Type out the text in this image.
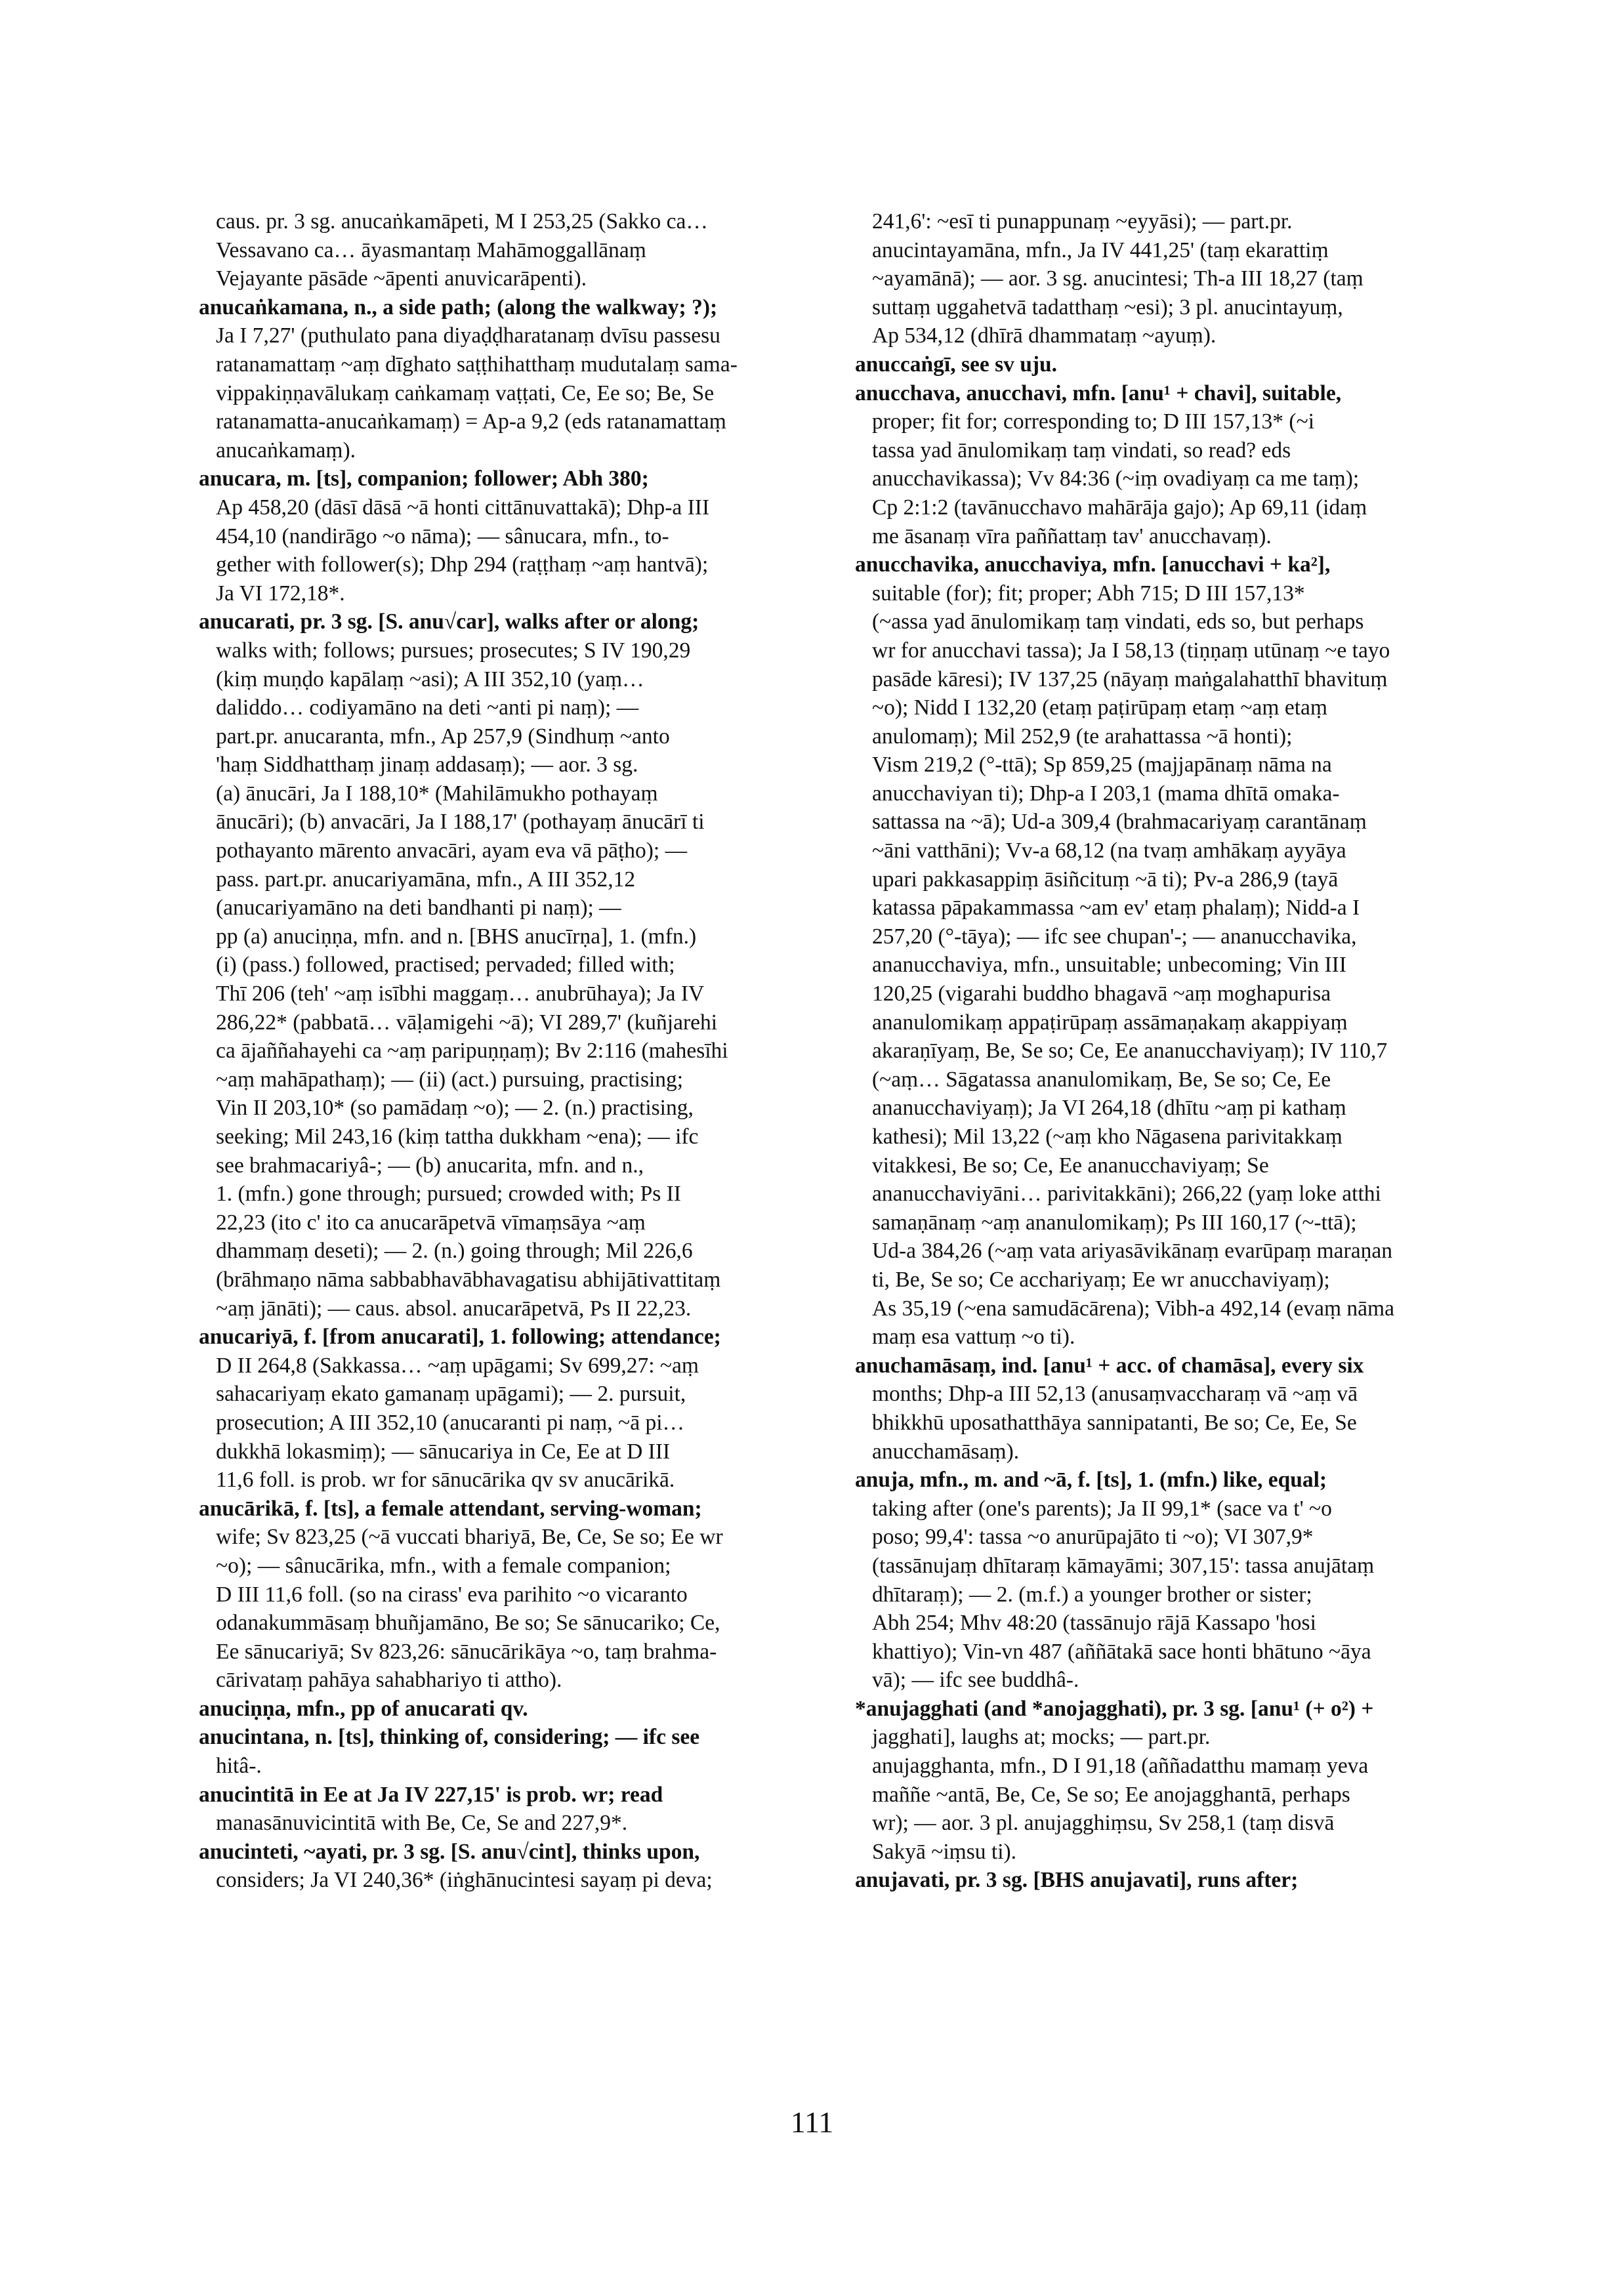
caus. pr. 3 sg. anucaṅkamāpeti, M I 253,25 (Sakko ca…
Vessavano ca… āyasmantaṃ Mahāmoggallānaṃ
Vejayante pāsāde ~āpenti anuvicarāpenti).
anucaṅkamana, n., a side path; (along the walkway; ?);
Ja I 7,27' (puthulato pana diyaḍḍharatanaṃ dvīsu passesu
ratanamattaṃ ~aṃ dīghato saṭṭhihatthaṃ mudutalaṃ sama-
vippakiṇṇavālukaṃ caṅkamaṃ vaṭṭati, Ce, Ee so; Be, Se
ratanamatta-anucaṅkamaṃ) = Ap-a 9,2 (eds ratanamattaṃ
anucaṅkamaṃ).
anucara, m. [ts], companion; follower; Abh 380;
Ap 458,20 (dāsī dāsā ~ā honti cittānuvattakā); Dhp-a III
454,10 (nandirāgo ~o nāma); — sânucara, mfn., to-
gether with follower(s); Dhp 294 (raṭṭhaṃ ~aṃ hantvā);
Ja VI 172,18*.
anucarati, pr. 3 sg. [S. anu√car], walks after or along;
walks with; follows; pursues; prosecutes; S IV 190,29
(kiṃ muṇḍo kapālaṃ ~asi); A III 352,10 (yaṃ…
daliddo… codiyamāno na deti ~anti pi naṃ); —
part.pr. anucaranta, mfn., Ap 257,9 (Sindhuṃ ~anto
'haṃ Siddhatthaṃ jinaṃ addasaṃ); — aor. 3 sg.
(a) ānucāri, Ja I 188,10* (Mahilāmukho pothayaṃ
ānucāri); (b) anvacāri, Ja I 188,17' (pothayaṃ ānucārī ti
pothayanto mārento anvacāri, ayam eva vā pāṭho); —
pass. part.pr. anucariyamāna, mfn., A III 352,12
(anucariyamāno na deti bandhanti pi naṃ); —
pp (a) anuciṇṇa, mfn. and n. [BHS anucīrṇa], 1. (mfn.)
(i) (pass.) followed, practised; pervaded; filled with;
Thī 206 (teh' ~aṃ isībhi maggaṃ… anubrūhaya); Ja IV
286,22* (pabbatā… vāḷamigehi ~ā); VI 289,7' (kuñjarehi
ca ājaññahayehi ca ~aṃ paripuṇṇaṃ); Bv 2:116 (mahesīhi
~aṃ mahāpathaṃ); — (ii) (act.) pursuing, practising;
Vin II 203,10* (so pamādaṃ ~o); — 2. (n.) practising,
seeking; Mil 243,16 (kiṃ tattha dukkham ~ena); — ifc
see brahmacariyâ-; — (b) anucarita, mfn. and n.,
1. (mfn.) gone through; pursued; crowded with; Ps II
22,23 (ito c' ito ca anucarāpetvā vīmaṃsāya ~aṃ
dhammaṃ deseti); — 2. (n.) going through; Mil 226,6
(brāhmaṇo nāma sabbabhavābhavagatisu abhijātivattitaṃ
~aṃ jānāti); — caus. absol. anucarāpetvā, Ps II 22,23.
anucariyā, f. [from anucarati], 1. following; attendance;
D II 264,8 (Sakkassa… ~aṃ upāgami; Sv 699,27: ~aṃ
sahacariyaṃ ekato gamanaṃ upāgami); — 2. pursuit,
prosecution; A III 352,10 (anucaranti pi naṃ, ~ā pi…
dukkhā lokasmiṃ); — sānucariya in Ce, Ee at D III
11,6 foll. is prob. wr for sānucārika qv sv anucārikā.
anucārikā, f. [ts], a female attendant, serving-woman;
wife; Sv 823,25 (~ā vuccati bhariyā, Be, Ce, Se so; Ee wr
~o); — sânucārika, mfn., with a female companion;
D III 11,6 foll. (so na cirass' eva parihito ~o vicaranto
odanakummāsaṃ bhuñjamāno, Be so; Se sānucariko; Ce,
Ee sānucariyā; Sv 823,26: sānucārikāya ~o, taṃ brahma-
cārivataṃ pahāya sahabhariyo ti attho).
anuciṇṇa, mfn., pp of anucarati qv.
anucintana, n. [ts], thinking of, considering; — ifc see
hitâ-.
anucintitā in Ee at Ja IV 227,15' is prob. wr; read
manasānuvicintitā with Be, Ce, Se and 227,9*.
anucinteti, ~ayati, pr. 3 sg. [S. anu√cint], thinks upon,
considers; Ja VI 240,36* (iṅghānucintesi sayaṃ pi deva;
241,6': ~esī ti punappunaṃ ~eyyāsi); — part.pr.
anucintayamāna, mfn., Ja IV 441,25' (taṃ ekarattiṃ
~ayamānā); — aor. 3 sg. anucintesi; Th-a III 18,27 (taṃ
suttaṃ uggahetvā tadatthaṃ ~esi); 3 pl. anucintayuṃ,
Ap 534,12 (dhīrā dhammataṃ ~ayuṃ).
anuccaṅgī, see sv uju.
anucchava, anucchavi, mfn. [anu¹ + chavi], suitable,
proper; fit for; corresponding to; D III 157,13* (~i
tassa yad ānulomikaṃ taṃ vindati, so read? eds
anucchavikassa); Vv 84:36 (~iṃ ovadiyaṃ ca me taṃ);
Cp 2:1:2 (tavānucchavo mahārāja gajo); Ap 69,11 (idaṃ
me āsanaṃ vīra paññattaṃ tav' anucchavaṃ).
anucchavika, anucchaviya, mfn. [anucchavi + ka²],
suitable (for); fit; proper; Abh 715; D III 157,13*
(~assa yad ānulomikaṃ taṃ vindati, eds so, but perhaps
wr for anucchavi tassa); Ja I 58,13 (tiṇṇaṃ utūnaṃ ~e tayo
pasāde kāresi); IV 137,25 (nāyaṃ maṅgalahatthī bhavituṃ
~o); Nidd I 132,20 (etaṃ paṭirūpaṃ etaṃ ~aṃ etaṃ
anulomaṃ); Mil 252,9 (te arahattassa ~ā honti);
Vism 219,2 (°-ttā); Sp 859,25 (majjapānaṃ nāma na
anucchaviyan ti); Dhp-a I 203,1 (mama dhītā omaka-
sattassa na ~ā); Ud-a 309,4 (brahmacariyaṃ carantānaṃ
~āni vatthāni); Vv-a 68,12 (na tvaṃ amhākaṃ ayyāya
upari pakkasappiṃ āsiñcituṃ ~ā ti); Pv-a 286,9 (tayā
katassa pāpakammassa ~am ev' etaṃ phalaṃ); Nidd-a I
257,20 (°-tāya); — ifc see chupan'-; — ananucchavika,
ananucchaviya, mfn., unsuitable; unbecoming; Vin III
120,25 (vigarahi buddho bhagavā ~aṃ moghapurisa
ananulomikaṃ appaṭirūpaṃ assāmaṇakaṃ akappiyaṃ
akaraṇīyaṃ, Be, Se so; Ce, Ee ananucchaviyaṃ); IV 110,7
(~aṃ… Sāgatassa ananulomikaṃ, Be, Se so; Ce, Ee
ananucchaviyaṃ); Ja VI 264,18 (dhītu ~aṃ pi kathaṃ
kathesi); Mil 13,22 (~aṃ kho Nāgasena parivitakkaṃ
vitakkesi, Be so; Ce, Ee ananucchaviyaṃ; Se
ananucchaviyāni… parivitakkāni); 266,22 (yaṃ loke atthi
samaṇānaṃ ~aṃ ananulomikaṃ); Ps III 160,17 (~-ttā);
Ud-a 384,26 (~aṃ vata ariyasāvikānaṃ evarūpaṃ maraṇan
ti, Be, Se so; Ce acchariyaṃ; Ee wr anucchaviyaṃ);
As 35,19 (~ena samudācārena); Vibh-a 492,14 (evaṃ nāma
maṃ esa vattuṃ ~o ti).
anuchamāsaṃ, ind. [anu¹ + acc. of chamāsa], every six
months; Dhp-a III 52,13 (anusaṃvaccharaṃ vā ~aṃ vā
bhikkhū uposathatthāya sannipatanti, Be so; Ce, Ee, Se
anucchamāsaṃ).
anuja, mfn., m. and ~ā, f. [ts], 1. (mfn.) like, equal;
taking after (one's parents); Ja II 99,1* (sace va t' ~o
poso; 99,4': tassa ~o anurūpajāto ti ~o); VI 307,9*
(tassānujaṃ dhītaraṃ kāmayāmi; 307,15': tassa anujātaṃ
dhītaraṃ); — 2. (m.f.) a younger brother or sister;
Abh 254; Mhv 48:20 (tassānujo rājā Kassapo 'hosi
khattiyo); Vin-vn 487 (aññātakā sace honti bhātuno ~āya
vā); — ifc see buddhâ-.
*anujagghati (and *anojagghati), pr. 3 sg. [anu¹ (+ o²) +
jagghati], laughs at; mocks; — part.pr.
anujagghanta, mfn., D I 91,18 (aññadatthu mamaṃ yeva
maññe ~antā, Be, Ce, Se so; Ee anojagghantā, perhaps
wr); — aor. 3 pl. anujagghiṃsu, Sv 258,1 (taṃ disvā
Sakyā ~iṃsu ti).
anujavati, pr. 3 sg. [BHS anujavati], runs after;
111
